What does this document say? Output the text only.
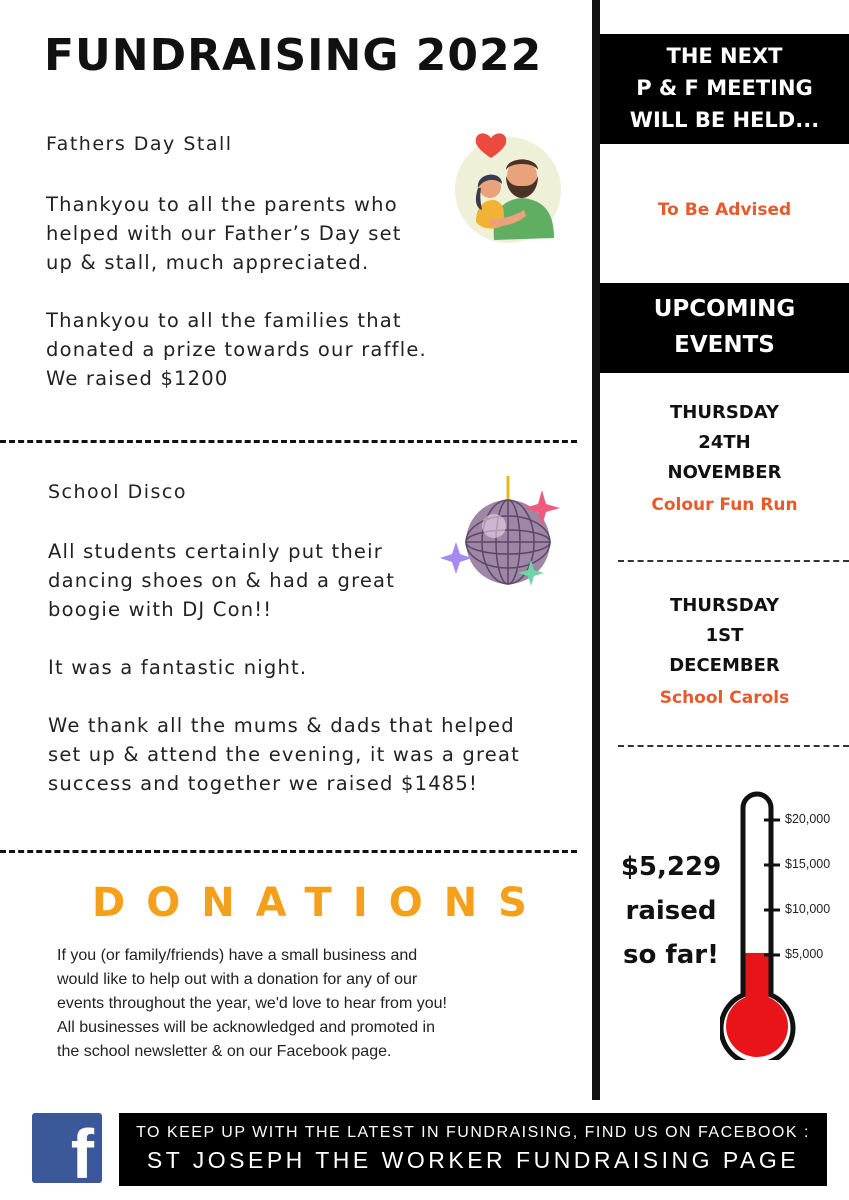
FUNDRAISING 2022
Fathers Day Stall

Thankyou to all the parents who
helped with our Father’s Day set
up & stall, much appreciated.

Thankyou to all the families that
donated a prize towards our raffle.
We raised $1200

School Disco

All students certainly put their
dancing shoes on & had a great
boogie with DJ Con!!

It was a fantastic night.

We thank all the mums & dads that helped
set up & attend the evening, it was a great
success and together we raised $1485!

DONATIONS
If you (or family/friends) have a small business and
would like to help out with a donation for any of our
events throughout the year, we'd love to hear from you!
All businesses will be acknowledged and promoted in
the school newsletter & on our Facebook page.
THE NEXT
P & F MEETING
WILL BE HELD...
To Be Advised
UPCOMING
EVENTS
THURSDAY
24TH
NOVEMBER
Colour Fun Run
THURSDAY
1ST
DECEMBER
School Carols
$5,229
raised
so far!
$20,000
$15,000
$10,000
$5,000
f	TO KEEP UP WITH THE LATEST IN FUNDRAISING, FIND US ON FACEBOOK :
ST JOSEPH THE WORKER FUNDRAISING PAGE
